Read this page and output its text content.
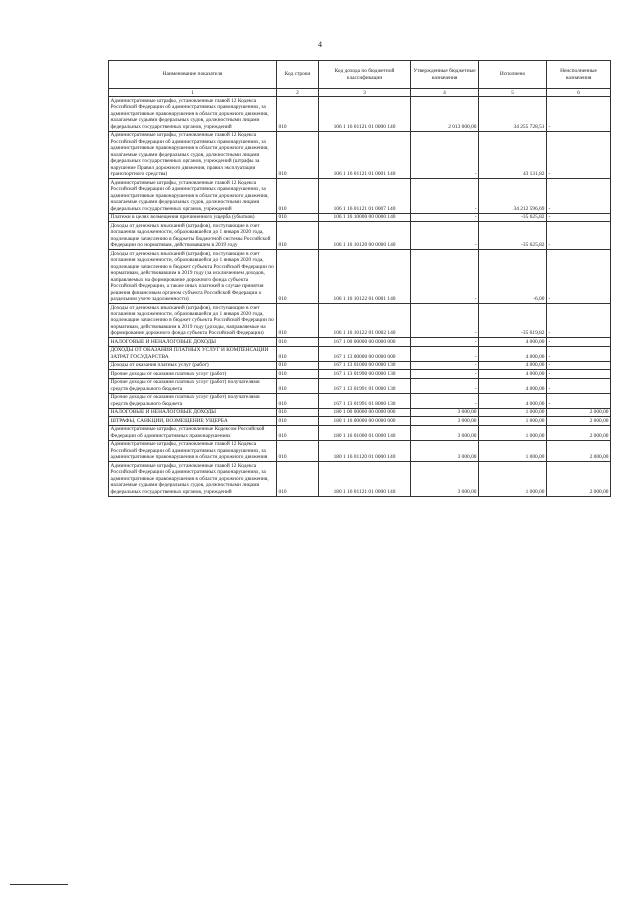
4
Наименование показателя	Код строки	Код дохода по бюджетной классификации	Утвержденные бюджетные назначения	Исполнено	Неисполненные назначения
1	2	3	4	5	6
Административные штрафы, установленные главой 12 Кодекса Российской Федерации об административных правонарушениях, за административные правонарушения в области дорожного движения, налагаемые судьями федеральных судов, должностными лицами федеральных государственных органов, учреждений	010	106 1 16 01121 01 0000 140	2 013 000,00	34 255 728,51	-
Административные штрафы, установленные главой 12 Кодекса Российской Федерации об административных правонарушениях, за административные правонарушения в области дорожного движения, налагаемые судьями федеральных судов, должностными лицами федеральных государственных органов, учреждений (штрафы за нарушение Правил дорожного движения, правил эксплуатации транспортного средства)	010	106 1 16 01121 01 0001 140	-	43 131,82	-
Административные штрафы, установленные главой 12 Кодекса Российской Федерации об административных правонарушениях, за административные правонарушения в области дорожного движения, налагаемые судьями федеральных судов, должностными лицами федеральных государственных органов, учреждений	010	106 1 16 01121 01 0007 140	-	34 212 596,69	-
Платежи в целях возмещения причиненного ущерба (убытков)	010	106 1 16 10000 00 0000 140	-	-35 625,82	-
Доходы от денежных взысканий (штрафов), поступающие в счет погашения задолженности, образовавшейся до 1 января 2020 года, подлежащие зачислению в бюджеты бюджетной системы Российской Федерации по нормативам, действовавшим в 2019 году	010	106 1 16 10120 00 0000 140	-	-35 625,82	-
Доходы от денежных взысканий (штрафов), поступающие в счет погашения задолженности, образовавшейся до 1 января 2020 года, подлежащие зачислению в бюджет субъекта Российской Федерации по нормативам, действовавшим в 2019 году (за исключением доходов, направляемых на формирование дорожного фонда субъекта Российской Федерации, а также иных платежей в случае принятия решения финансовым органом субъекта Российской Федерации о раздельном учете задолженности)	010	106 1 16 10122 01 0001 140	-	-6,00	-
Доходы от денежных взысканий (штрафов), поступающие в счет погашения задолженности, образовавшейся до 1 января 2020 года, подлежащие зачислению в бюджет субъекта Российской Федерации по нормативам, действовавшим в 2019 году (доходы, направляемые на формирование дорожного фонда субъекта Российской Федерации)	010	106 1 16 10122 01 0002 140	-	-35 619,82	-
НАЛОГОВЫЕ И НЕНАЛОГОВЫЕ ДОХОДЫ	010	167 1 00 00000 00 0000 000	-	4 000,00	-
ДОХОДЫ ОТ ОКАЗАНИЯ ПЛАТНЫХ УСЛУГ И КОМПЕНСАЦИИ ЗАТРАТ ГОСУДАРСТВА	010	167 1 13 00000 00 0000 000	-	4 000,00	-
Доходы от оказания платных услуг (работ)	010	167 1 13 01000 00 0000 130	-	4 000,00	-
Прочие доходы от оказания платных услуг (работ)	010	167 1 13 01990 00 0000 130	-	4 000,00	-
Прочие доходы от оказания платных услуг (работ) получателями средств федерального бюджета	010	167 1 13 01991 01 0000 130	-	4 000,00	-
Прочие доходы от оказания платных услуг (работ) получателями средств федерального бюджета	010	167 1 13 01991 01 8000 130	-	4 000,00	-
НАЛОГОВЫЕ И НЕНАЛОГОВЫЕ ДОХОДЫ	010	180 1 00 00000 00 0000 000	3 000,00	1 000,00	2 000,00
ШТРАФЫ, САНКЦИИ, ВОЗМЕЩЕНИЕ УЩЕРБА	010	180 1 16 00000 00 0000 000	3 000,00	1 000,00	2 000,00
Административные штрафы, установленные Кодексом Российской Федерации об административных правонарушениях	010	180 1 16 01000 01 0000 140	3 000,00	1 000,00	2 000,00
Административные штрафы, установленные главой 12 Кодекса Российской Федерации об административных правонарушениях, за административные правонарушения в области дорожного движения	010	180 1 16 01120 01 0000 140	3 000,00	1 000,00	2 000,00
Административные штрафы, установленные главой 12 Кодекса Российской Федерации об административных правонарушениях, за административные правонарушения в области дорожного движения, налагаемые судьями федеральных судов, должностными лицами федеральных государственных органов, учреждений	010	180 1 16 01121 01 0000 140	3 000,00	1 000,00	2 000,00
